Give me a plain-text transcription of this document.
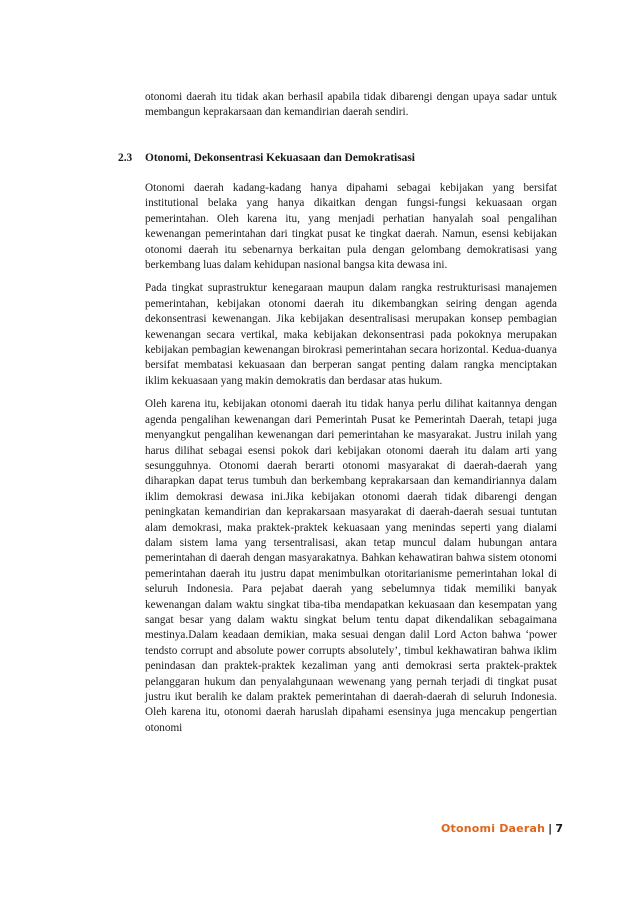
otonomi daerah itu tidak akan berhasil apabila tidak dibarengi dengan upaya sadar untuk membangun keprakarsaan dan kemandirian daerah sendiri.

2.3 Otonomi, Dekonsentrasi Kekuasaan dan Demokratisasi

Otonomi daerah kadang-kadang hanya dipahami sebagai kebijakan yang bersifat institutional belaka yang hanya dikaitkan dengan fungsi-fungsi kekuasaan organ pemerintahan. Oleh karena itu, yang menjadi perhatian hanyalah soal pengalihan kewenangan pemerintahan dari tingkat pusat ke tingkat daerah. Namun, esensi kebijakan otonomi daerah itu sebenarnya berkaitan pula dengan gelombang demokratisasi yang berkembang luas dalam kehidupan nasional bangsa kita dewasa ini.

Pada tingkat suprastruktur kenegaraan maupun dalam rangka restrukturisasi manajemen pemerintahan, kebijakan otonomi daerah itu dikembangkan seiring dengan agenda dekonsentrasi kewenangan. Jika kebijakan desentralisasi merupakan konsep pembagian kewenangan secara vertikal, maka kebijakan dekonsentrasi pada pokoknya merupakan kebijakan pembagian kewenangan birokrasi pemerintahan secara horizontal. Kedua-duanya bersifat membatasi kekuasaan dan berperan sangat penting dalam rangka menciptakan iklim kekuasaan yang makin demokratis dan berdasar atas hukum.

Oleh karena itu, kebijakan otonomi daerah itu tidak hanya perlu dilihat kaitannya dengan agenda pengalihan kewenangan dari Pemerintah Pusat ke Pemerintah Daerah, tetapi juga menyangkut pengalihan kewenangan dari pemerintahan ke masyarakat. Justru inilah yang harus dilihat sebagai esensi pokok dari kebijakan otonomi daerah itu dalam arti yang sesungguhnya. Otonomi daerah berarti otonomi masyarakat di daerah-daerah yang diharapkan dapat terus tumbuh dan berkembang keprakarsaan dan kemandiriannya dalam iklim demokrasi dewasa ini.Jika kebijakan otonomi daerah tidak dibarengi dengan peningkatan kemandirian dan keprakarsaan masyarakat di daerah-daerah sesuai tuntutan alam demokrasi, maka praktek-praktek kekuasaan yang menindas seperti yang dialami dalam sistem lama yang tersentralisasi, akan tetap muncul dalam hubungan antara pemerintahan di daerah dengan masyarakatnya. Bahkan kehawatiran bahwa sistem otonomi pemerintahan daerah itu justru dapat menimbulkan otoritarianisme pemerintahan lokal di seluruh Indonesia. Para pejabat daerah yang sebelumnya tidak memiliki banyak kewenangan dalam waktu singkat tiba-tiba mendapatkan kekuasaan dan kesempatan yang sangat besar yang dalam waktu singkat belum tentu dapat dikendalikan sebagaimana mestinya.Dalam keadaan demikian, maka sesuai dengan dalil Lord Acton bahwa ‘power tendsto corrupt and absolute power corrupts absolutely’, timbul kekhawatiran bahwa iklim penindasan dan praktek-praktek kezaliman yang anti demokrasi serta praktek-praktek pelanggaran hukum dan penyalahgunaan wewenang yang pernah terjadi di tingkat pusat justru ikut beralih ke dalam praktek pemerintahan di daerah-daerah di seluruh Indonesia. Oleh karena itu, otonomi daerah haruslah dipahami esensinya juga mencakup pengertian otonomi

Otonomi Daerah | 7
